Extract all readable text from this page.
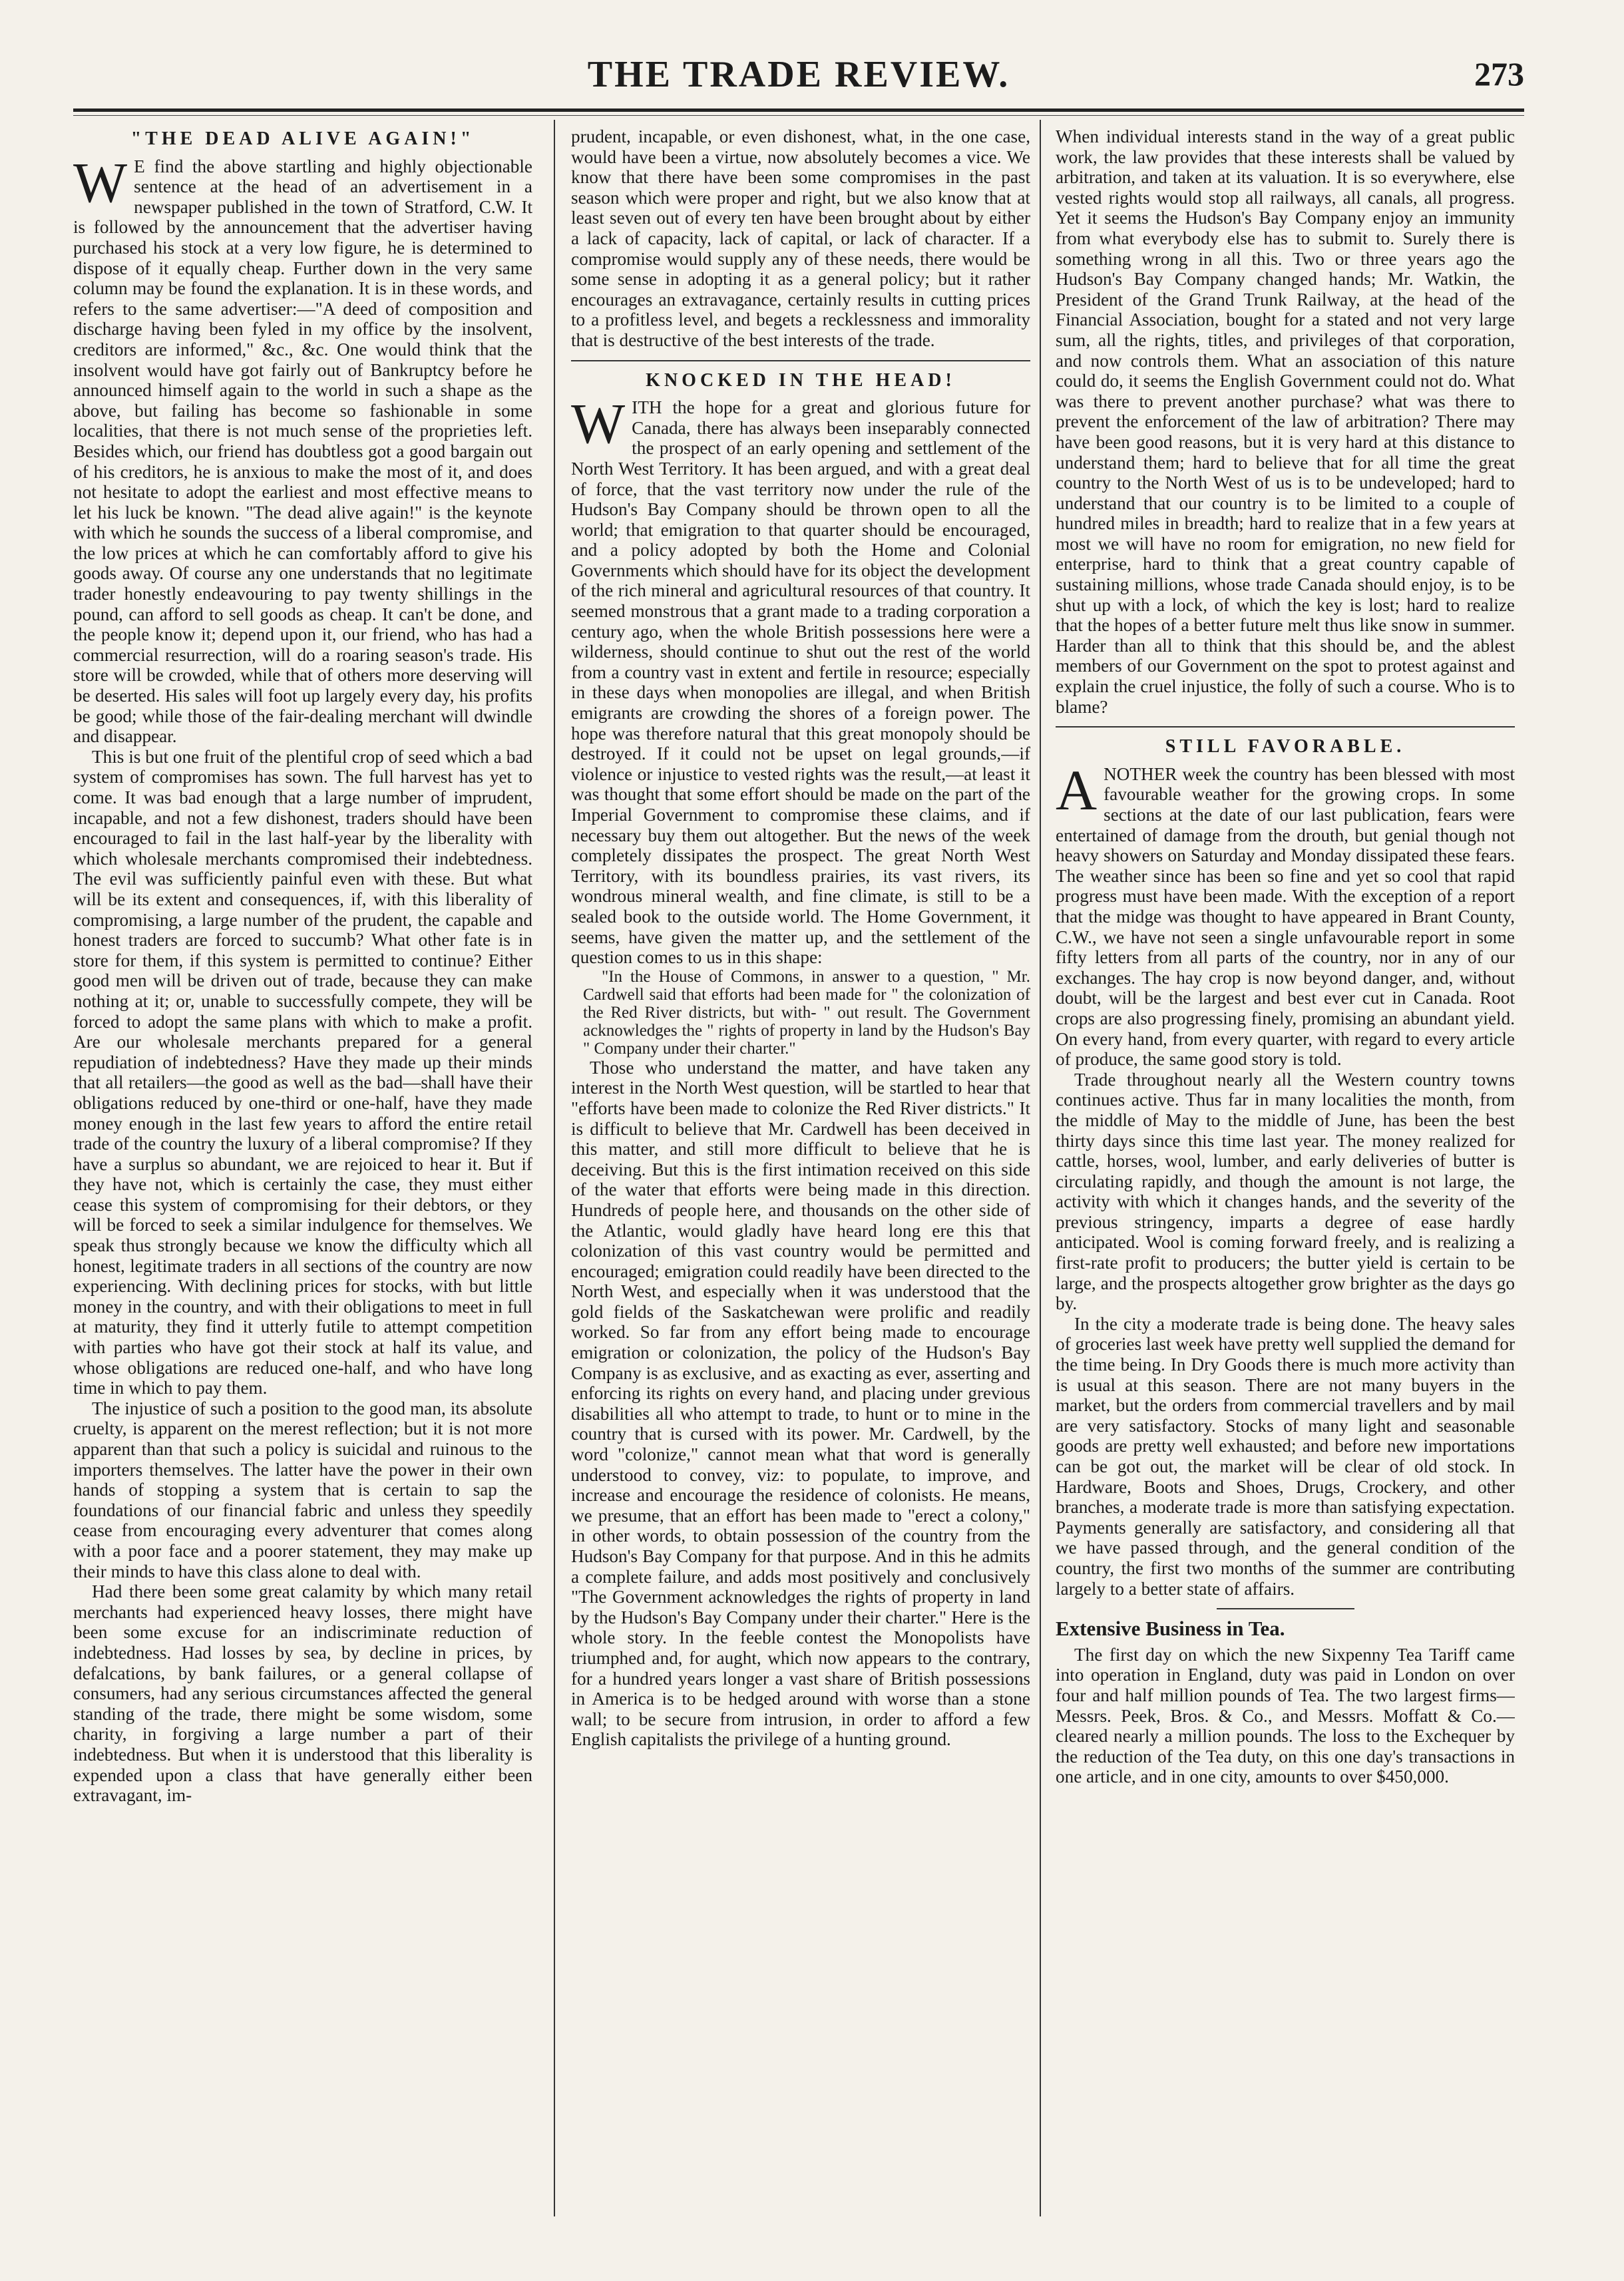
THE TRADE REVIEW.	273
"THE DEAD ALIVE AGAIN!"

W E find the above startling and highly objectionable sentence at the head of an advertisement in a newspaper published in the town of Stratford, C.W. It is followed by the announcement that the advertiser having purchased his stock at a very low figure, he is determined to dispose of it equally cheap. Further down in the very same column may be found the explanation. It is in these words, and refers to the same advertiser:—"A deed of composition and discharge having been fyled in my office by the insolvent, creditors are informed," &c., &c. One would think that the insolvent would have got fairly out of Bankruptcy before he announced himself again to the world in such a shape as the above, but failing has become so fashionable in some localities, that there is not much sense of the proprieties left. Besides which, our friend has doubtless got a good bargain out of his creditors, he is anxious to make the most of it, and does not hesitate to adopt the earliest and most effective means to let his luck be known. "The dead alive again!" is the keynote with which he sounds the success of a liberal compromise, and the low prices at which he can comfortably afford to give his goods away. Of course any one understands that no legitimate trader honestly endeavouring to pay twenty shillings in the pound, can afford to sell goods as cheap. It can't be done, and the people know it; depend upon it, our friend, who has had a commercial resurrection, will do a roaring season's trade. His store will be crowded, while that of others more deserving will be deserted. His sales will foot up largely every day, his profits be good; while those of the fair-dealing merchant will dwindle and disappear.

This is but one fruit of the plentiful crop of seed which a bad system of compromises has sown. The full harvest has yet to come. It was bad enough that a large number of imprudent, incapable, and not a few dishonest, traders should have been encouraged to fail in the last half-year by the liberality with which wholesale merchants compromised their indebtedness. The evil was sufficiently painful even with these. But what will be its extent and consequences, if, with this liberality of compromising, a large number of the prudent, the capable and honest traders are forced to succumb? What other fate is in store for them, if this system is permitted to continue? Either good men will be driven out of trade, because they can make nothing at it; or, unable to successfully compete, they will be forced to adopt the same plans with which to make a profit. Are our wholesale merchants prepared for a general repudiation of indebtedness? Have they made up their minds that all retailers—the good as well as the bad—shall have their obligations reduced by one-third or one-half, have they made money enough in the last few years to afford the entire retail trade of the country the luxury of a liberal compromise? If they have a surplus so abundant, we are rejoiced to hear it. But if they have not, which is certainly the case, they must either cease this system of compromising for their debtors, or they will be forced to seek a similar indulgence for themselves. We speak thus strongly because we know the difficulty which all honest, legitimate traders in all sections of the country are now experiencing. With declining prices for stocks, with but little money in the country, and with their obligations to meet in full at maturity, they find it utterly futile to attempt competition with parties who have got their stock at half its value, and whose obligations are reduced one-half, and who have long time in which to pay them.

The injustice of such a position to the good man, its absolute cruelty, is apparent on the merest reflection; but it is not more apparent than that such a policy is suicidal and ruinous to the importers themselves. The latter have the power in their own hands of stopping a system that is certain to sap the foundations of our financial fabric and unless they speedily cease from encouraging every adventurer that comes along with a poor face and a poorer statement, they may make up their minds to have this class alone to deal with.

Had there been some great calamity by which many retail merchants had experienced heavy losses, there might have been some excuse for an indiscriminate reduction of indebtedness. Had losses by sea, by decline in prices, by defalcations, by bank failures, or a general collapse of consumers, had any serious circumstances affected the general standing of the trade, there might be some wisdom, some charity, in forgiving a large number a part of their indebtedness. But when it is understood that this liberality is expended upon a class that have generally either been extravagant, im-

prudent, incapable, or even dishonest, what, in the one case, would have been a virtue, now absolutely becomes a vice. We know that there have been some compromises in the past season which were proper and right, but we also know that at least seven out of every ten have been brought about by either a lack of capacity, lack of capital, or lack of character. If a compromise would supply any of these needs, there would be some sense in adopting it as a general policy; but it rather encourages an extravagance, certainly results in cutting prices to a profitless level, and begets a recklessness and immorality that is destructive of the best interests of the trade.

KNOCKED IN THE HEAD!

WITH the hope for a great and glorious future for Canada, there has always been inseparably connected the prospect of an early opening and settlement of the North West Territory. It has been argued, and with a great deal of force, that the vast territory now under the rule of the Hudson's Bay Company should be thrown open to all the world; that emigration to that quarter should be encouraged, and a policy adopted by both the Home and Colonial Governments which should have for its object the development of the rich mineral and agricultural resources of that country. It seemed monstrous that a grant made to a trading corporation a century ago, when the whole British possessions here were a wilderness, should continue to shut out the rest of the world from a country vast in extent and fertile in resource; especially in these days when monopolies are illegal, and when British emigrants are crowding the shores of a foreign power. The hope was therefore natural that this great monopoly should be destroyed. If it could not be upset on legal grounds,—if violence or injustice to vested rights was the result,—at least it was thought that some effort should be made on the part of the Imperial Government to compromise these claims, and if necessary buy them out altogether. But the news of the week completely dissipates the prospect. The great North West Territory, with its boundless prairies, its vast rivers, its wondrous mineral wealth, and fine climate, is still to be a sealed book to the outside world. The Home Government, it seems, have given the matter up, and the settlement of the question comes to us in this shape:

"In the House of Commons, in answer to a question, " Mr. Cardwell said that efforts had been made for " the colonization of the Red River districts, but with- " out result. The Government acknowledges the " rights of property in land by the Hudson's Bay " Company under their charter."

Those who understand the matter, and have taken any interest in the North West question, will be startled to hear that "efforts have been made to colonize the Red River districts." It is difficult to believe that Mr. Cardwell has been deceived in this matter, and still more difficult to believe that he is deceiving. But this is the first intimation received on this side of the water that efforts were being made in this direction. Hundreds of people here, and thousands on the other side of the Atlantic, would gladly have heard long ere this that colonization of this vast country would be permitted and encouraged; emigration could readily have been directed to the North West, and especially when it was understood that the gold fields of the Saskatchewan were prolific and readily worked. So far from any effort being made to encourage emigration or colonization, the policy of the Hudson's Bay Company is as exclusive, and as exacting as ever, asserting and enforcing its rights on every hand, and placing under grevious disabilities all who attempt to trade, to hunt or to mine in the country that is cursed with its power. Mr. Cardwell, by the word "colonize," cannot mean what that word is generally understood to convey, viz: to populate, to improve, and increase and encourage the residence of colonists. He means, we presume, that an effort has been made to "erect a colony," in other words, to obtain possession of the country from the Hudson's Bay Company for that purpose. And in this he admits a complete failure, and adds most positively and conclusively "The Government acknowledges the rights of property in land by the Hudson's Bay Company under their charter." Here is the whole story. In the feeble contest the Monopolists have triumphed and, for aught, which now appears to the contrary, for a hundred years longer a vast share of British possessions in America is to be hedged around with worse than a stone wall; to be secure from intrusion, in order to afford a few English capitalists the privilege of a hunting ground.

When individual interests stand in the way of a great public work, the law provides that these interests shall be valued by arbitration, and taken at its valuation. It is so everywhere, else vested rights would stop all railways, all canals, all progress. Yet it seems the Hudson's Bay Company enjoy an immunity from what everybody else has to submit to. Surely there is something wrong in all this. Two or three years ago the Hudson's Bay Company changed hands; Mr. Watkin, the President of the Grand Trunk Railway, at the head of the Financial Association, bought for a stated and not very large sum, all the rights, titles, and privileges of that corporation, and now controls them. What an association of this nature could do, it seems the English Government could not do. What was there to prevent another purchase? what was there to prevent the enforcement of the law of arbitration? There may have been good reasons, but it is very hard at this distance to understand them; hard to believe that for all time the great country to the North West of us is to be undeveloped; hard to understand that our country is to be limited to a couple of hundred miles in breadth; hard to realize that in a few years at most we will have no room for emigration, no new field for enterprise, hard to think that a great country capable of sustaining millions, whose trade Canada should enjoy, is to be shut up with a lock, of which the key is lost; hard to realize that the hopes of a better future melt thus like snow in summer. Harder than all to think that this should be, and the ablest members of our Government on the spot to protest against and explain the cruel injustice, the folly of such a course. Who is to blame?

STILL FAVORABLE.

ANOTHER week the country has been blessed with most favourable weather for the growing crops. In some sections at the date of our last publication, fears were entertained of damage from the drouth, but genial though not heavy showers on Saturday and Monday dissipated these fears. The weather since has been so fine and yet so cool that rapid progress must have been made. With the exception of a report that the midge was thought to have appeared in Brant County, C.W., we have not seen a single unfavourable report in some fifty letters from all parts of the country, nor in any of our exchanges. The hay crop is now beyond danger, and, without doubt, will be the largest and best ever cut in Canada. Root crops are also progressing finely, promising an abundant yield. On every hand, from every quarter, with regard to every article of produce, the same good story is told.

Trade throughout nearly all the Western country towns continues active. Thus far in many localities the month, from the middle of May to the middle of June, has been the best thirty days since this time last year. The money realized for cattle, horses, wool, lumber, and early deliveries of butter is circulating rapidly, and though the amount is not large, the activity with which it changes hands, and the severity of the previous stringency, imparts a degree of ease hardly anticipated. Wool is coming forward freely, and is realizing a first-rate profit to producers; the butter yield is certain to be large, and the prospects altogether grow brighter as the days go by.

In the city a moderate trade is being done. The heavy sales of groceries last week have pretty well supplied the demand for the time being. In Dry Goods there is much more activity than is usual at this season. There are not many buyers in the market, but the orders from commercial travellers and by mail are very satisfactory. Stocks of many light and seasonable goods are pretty well exhausted; and before new importations can be got out, the market will be clear of old stock. In Hardware, Boots and Shoes, Drugs, Crockery, and other branches, a moderate trade is more than satisfying expectation. Payments generally are satisfactory, and considering all that we have passed through, and the general condition of the country, the first two months of the summer are contributing largely to a better state of affairs.

Extensive Business in Tea.

The first day on which the new Sixpenny Tea Tariff came into operation in England, duty was paid in London on over four and half million pounds of Tea. The two largest firms—Messrs. Peek, Bros. & Co., and Messrs. Moffatt & Co.—cleared nearly a million pounds. The loss to the Exchequer by the reduction of the Tea duty, on this one day's transactions in one article, and in one city, amounts to over $450,000.
